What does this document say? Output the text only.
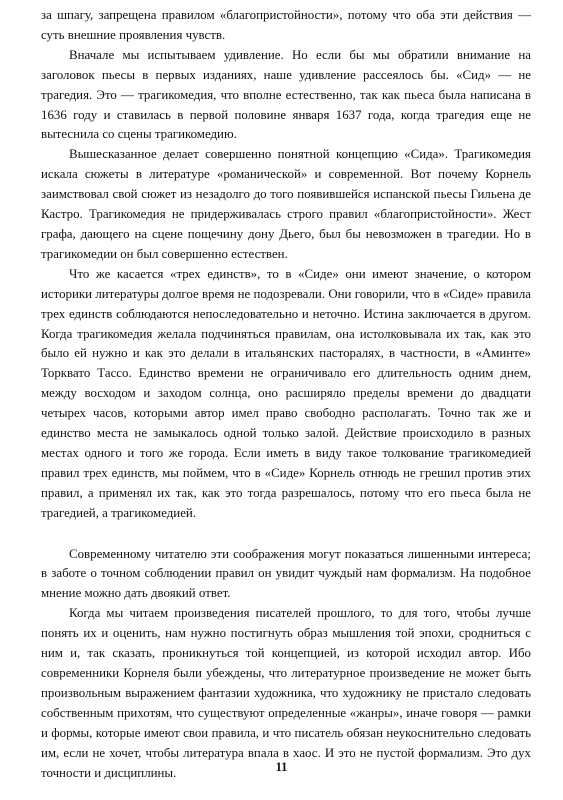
за шпагу, запрещена правилом «благопристойности», потому что оба эти действия — суть внешние проявления чувств.

Вначале мы испытываем удивление. Но если бы мы обратили внимание на заголовок пьесы в первых изданиях, наше удивление рассеялось бы. «Сид» — не трагедия. Это — трагикомедия, что вполне естественно, так как пьеса была написана в 1636 году и ставилась в первой половине января 1637 года, когда трагедия еще не вытеснила со сцены трагикомедию.

Вышесказанное делает совершенно понятной концепцию «Сида». Трагикомедия искала сюжеты в литературе «романической» и современной. Вот почему Корнель заимствовал свой сюжет из незадолго до того появившейся испанской пьесы Гильена де Кастро. Трагикомедия не придерживалась строго правил «благопристойности». Жест графа, дающего на сцене пощечину дону Дьего, был бы невозможен в трагедии. Но в трагикомедии он был совершенно естествен.

Что же касается «трех единств», то в «Сиде» они имеют значение, о котором историки литературы долгое время не подозревали. Они говорили, что в «Сиде» правила трех единств соблюдаются непоследовательно и неточно. Истина заключается в другом. Когда трагикомедия желала подчиняться правилам, она истолковывала их так, как это было ей нужно и как это делали в итальянских пасторалях, в частности, в «Аминте» Торквато Тассо. Единство времени не ограничивало его длительность одним днем, между восходом и заходом солнца, оно расширяло пределы времени до двадцати четырех часов, которыми автор имел право свободно располагать. Точно так же и единство места не замыкалось одной только залой. Действие происходило в разных местах одного и того же города. Если иметь в виду такое толкование трагикомедией правил трех единств, мы поймем, что в «Сиде» Корнель отнюдь не грешил против этих правил, а применял их так, как это тогда разрешалось, потому что его пьеса была не трагедией, а трагикомедией.

Современному читателю эти соображения могут показаться лишенными интереса; в заботе о точном соблюдении правил он увидит чуждый нам формализм. На подобное мнение можно дать двоякий ответ.

Когда мы читаем произведения писателей прошлого, то для того, чтобы лучше понять их и оценить, нам нужно постигнуть образ мышления той эпохи, сродниться с ним и, так сказать, проникнуться той концепцией, из которой исходил автор. Ибо современники Корнеля были убеждены, что литературное произведение не может быть произвольным выражением фантазии художника, что художнику не пристало следовать собственным прихотям, что существуют определенные «жанры», иначе говоря — рамки и формы, которые имеют свои правила, и что писатель обязан неукоснительно следовать им, если не хочет, чтобы литература впала в хаос. И это не пустой формализм. Это дух точности и дисциплины.	11
